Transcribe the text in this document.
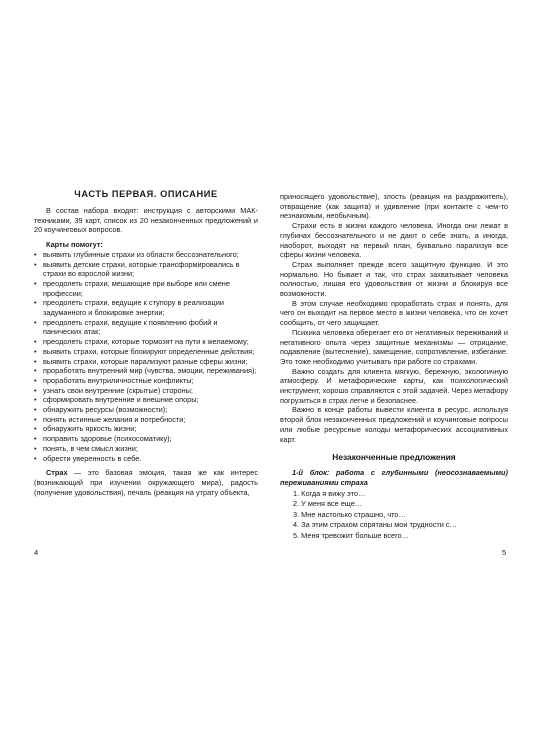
ЧАСТЬ ПЕРВАЯ. ОПИСАНИЕ

В состав набора входят: инструкция с авторскими МАК-техниками, 39 карт, список из 20 незаконченных предложений и 20 коучинговых вопросов.

Карты помогут:

• выявить глубинные страхи из области бессознательного;
• выявить детские страхи, которые трансформировались в страхи во взрослой жизни;
• преодолеть страхи, мешающие при выборе или смене профессии;
• преодолеть страхи, ведущие к ступору в реализации задуманного и блокировке энергии;
• преодолеть страхи, ведущие к появлению фобий и панических атак;
• преодолеть страхи, которые тормозят на пути к желаемому;
• выявить страхи, которые блокируют определенные действия;
• выявить страхи, которые парализуют разные сферы жизни;
• проработать внутренний мир (чувства, эмоции, переживания);
• проработать внутриличностные конфликты;
• узнать свои внутренние (скрытые) стороны;
• сформировать внутренние и внешние опоры;
• обнаружить ресурсы (возможности);
• понять истинные желания и потребности;
• обнаружить яркость жизни;
• поправить здоровье (психосоматику);
• понять, в чем смысл жизни;
• обрести уверенность в себе.

Страх — это базовая эмоция, такая же как интерес (возникающий при изучении окружающего мира), радость (получение удовольствия), печаль (реакция на утрату объекта,

4

приносящего удовольствие), злость (реакция на раздражитель), отвращение (как защита) и удивление (при контакте с чем-то незнакомым, необычным).

Страхи есть в жизни каждого человека. Иногда они лежат в глубинах бессознательного и не дают о себе знать, а иногда, наоборот, выходят на первый план, буквально парализуя все сферы жизни человека.

Страх выполняет прежде всего защитную функцию. И это нормально. Но бывает и так, что страх захватывает человека полностью, лишая его удовольствия от жизни и блокируя все возможности.

В этом случае необходимо проработать страх и понять, для чего он выходит на первое место в жизни человека, что он хочет сообщить, от чего защищает.

Психика человека оберегает его от негативных переживаний и негативного опыта через защитные механизмы — отрицание, подавление (вытеснение), замещение, сопротивление, избегание. Это тоже необходимо учитывать при работе со страхами.

Важно создать для клиента мягкую, бережную, экологичную атмосферу. И метафорические карты, как психологический инструмент, хорошо справляются с этой задачей. Через метафору погрузиться в страх легче и безопаснее.

Важно в конце работы вывести клиента в ресурс, используя второй блок незаконченных предложений и коучинговые вопросы или любые ресурсные колоды метафорических ассоциативных карт.

Незаконченные предложения

1-й блок: работа с глубинными (неосознаваемыми) переживаниями страха

1. Когда я вижу это…
2. У меня все еще…
3. Мне настолько страшно, что…
4. За этим страхом спрятаны мои трудности с…
5. Меня тревожит больше всего…
5
